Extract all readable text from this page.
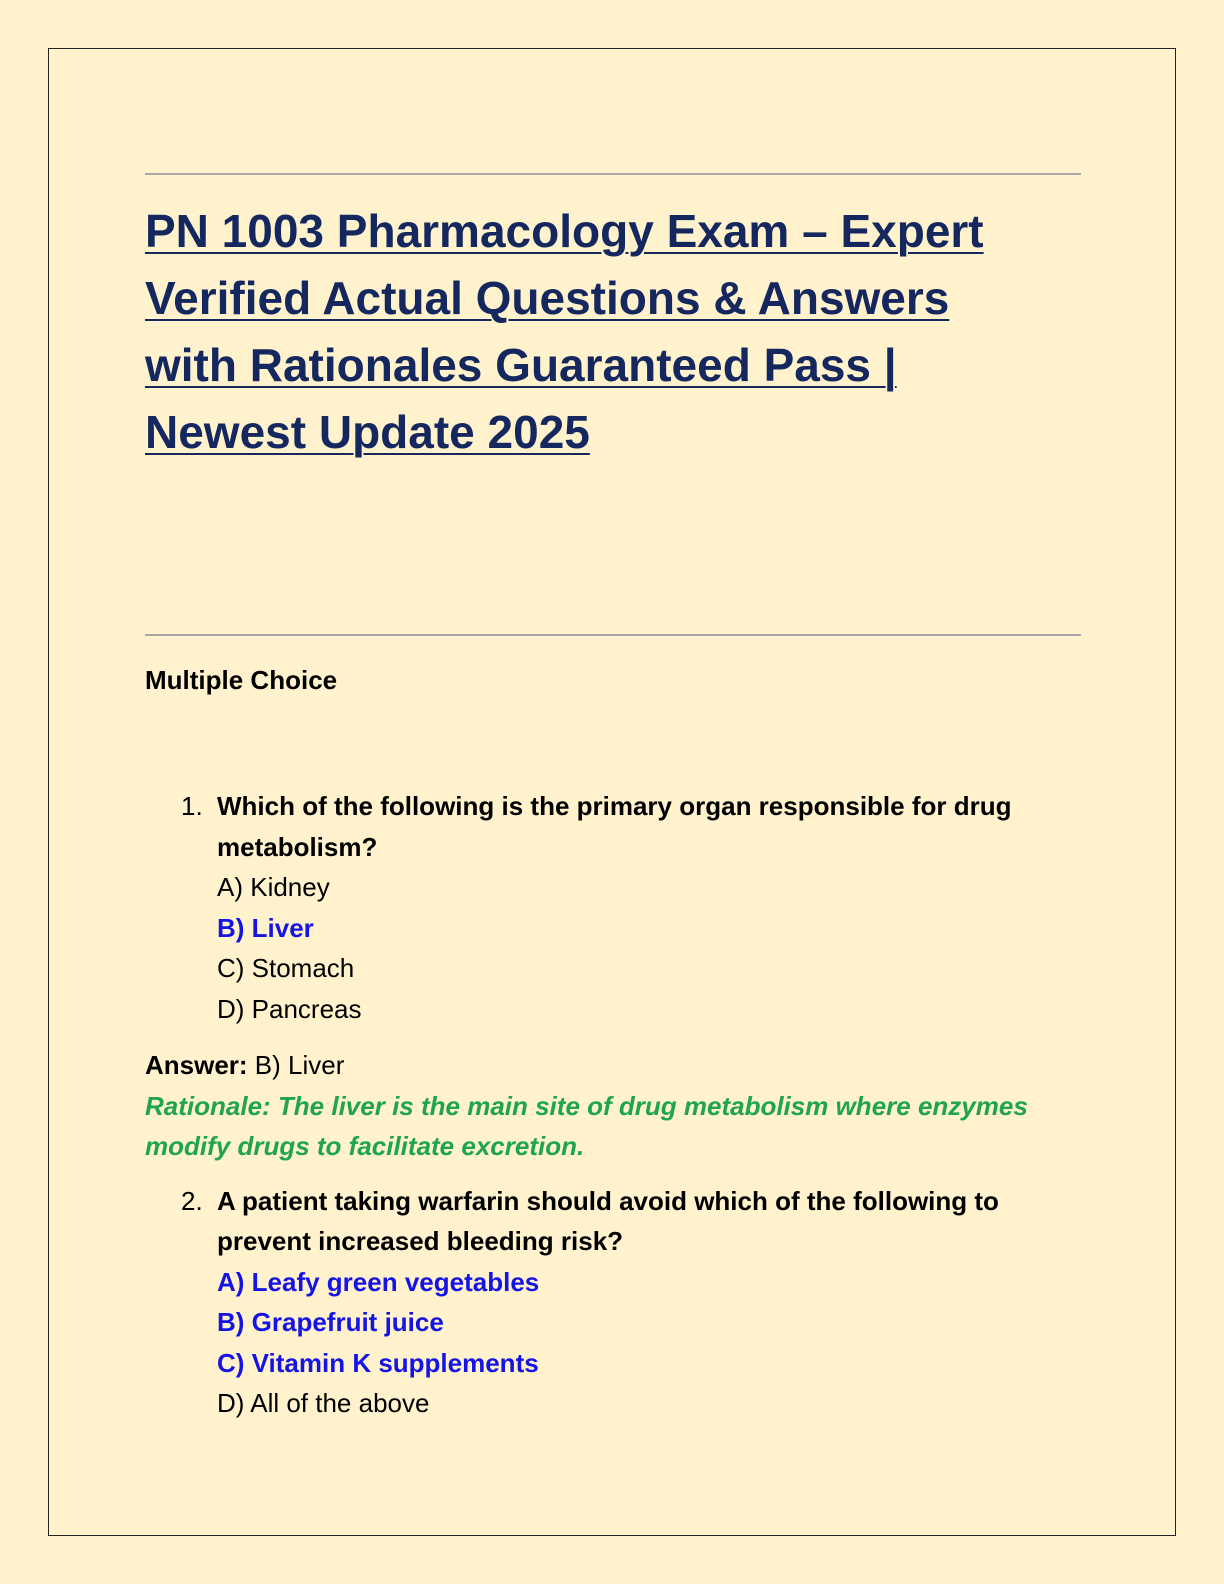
PN 1003 Pharmacology Exam – Expert
Verified Actual Questions & Answers
with Rationales Guaranteed Pass |
Newest Update 2025

Multiple Choice

1. Which of the following is the primary organ responsible for drug
metabolism?
A) Kidney
B) Liver
C) Stomach
D) Pancreas
Answer: B) Liver
Rationale: The liver is the main site of drug metabolism where enzymes
modify drugs to facilitate excretion.
2. A patient taking warfarin should avoid which of the following to
prevent increased bleeding risk?
A) Leafy green vegetables
B) Grapefruit juice
C) Vitamin K supplements
D) All of the above
